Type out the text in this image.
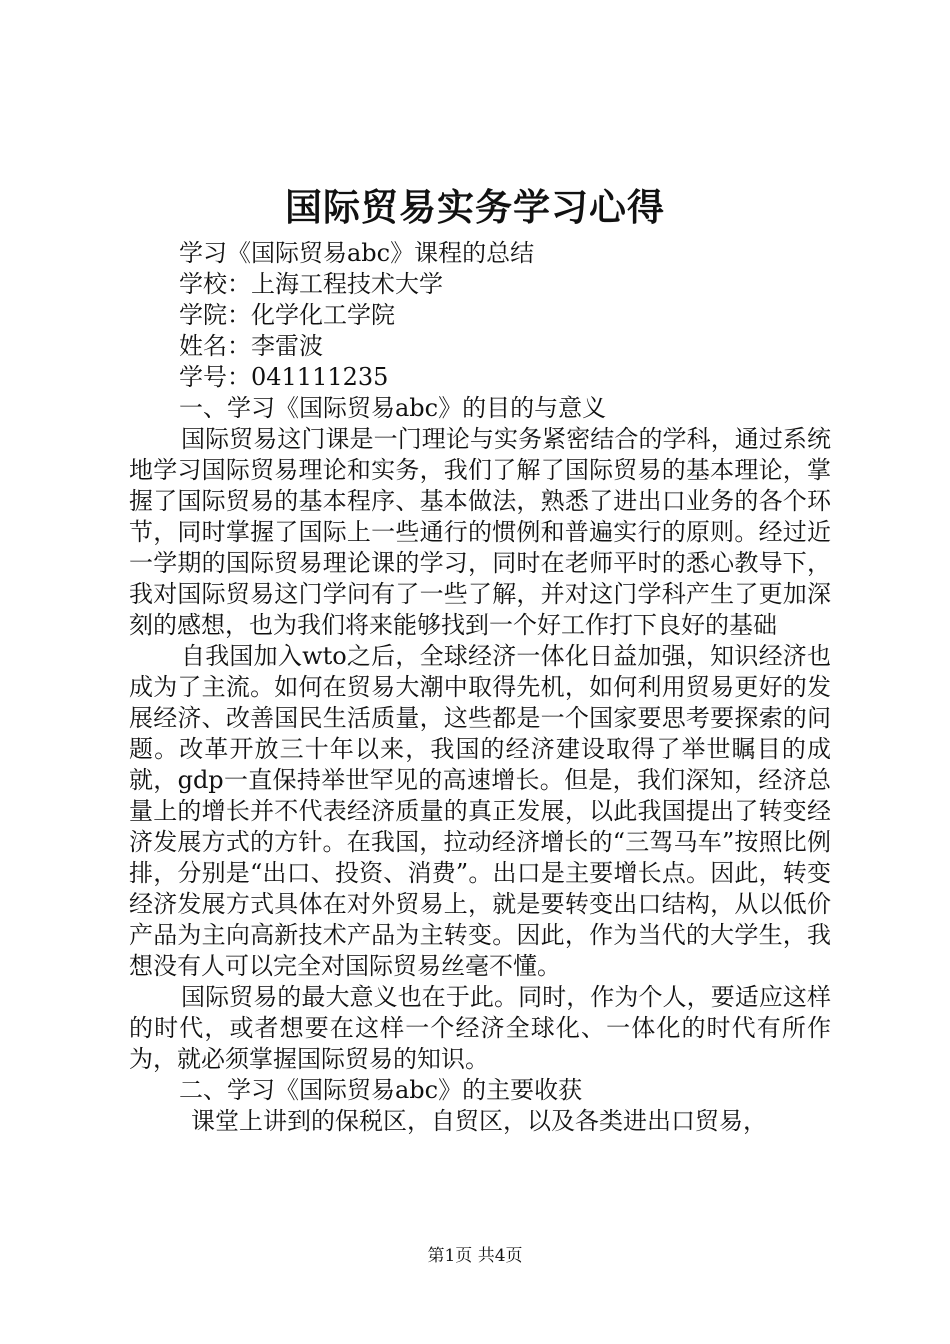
国际贸易实务学习心得

学习《国际贸易abc》课程的总结

学校：上海工程技术大学

学院：化学化工学院

姓名：李雷波

学号：041111235

一、学习《国际贸易abc》的目的与意义

国际贸易这门课是一门理论与实务紧密结合的学科，通过系统地学习国际贸易理论和实务，我们了解了国际贸易的基本理论，掌握了国际贸易的基本程序、基本做法，熟悉了进出口业务的各个环节，同时掌握了国际上一些通行的惯例和普遍实行的原则。经过近一学期的国际贸易理论课的学习，同时在老师平时的悉心教导下，我对国际贸易这门学问有了一些了解，并对这门学科产生了更加深刻的感想，也为我们将来能够找到一个好工作打下良好的基础

自我国加入wto之后，全球经济一体化日益加强，知识经济也成为了主流。如何在贸易大潮中取得先机，如何利用贸易更好的发展经济、改善国民生活质量，这些都是一个国家要思考要探索的问题。改革开放三十年以来，我国的经济建设取得了举世瞩目的成就，gdp一直保持举世罕见的高速增长。但是，我们深知，经济总量上的增长并不代表经济质量的真正发展，以此我国提出了转变经济发展方式的方针。在我国，拉动经济增长的“三驾马车”按照比例排，分别是“出口、投资、消费”。出口是主要增长点。因此，转变经济发展方式具体在对外贸易上，就是要转变出口结构，从以低价产品为主向高新技术产品为主转变。因此，作为当代的大学生，我想没有人可以完全对国际贸易丝毫不懂。

国际贸易的最大意义也在于此。同时，作为个人，要适应这样的时代，或者想要在这样一个经济全球化、一体化的时代有所作为，就必须掌握国际贸易的知识。

二、学习《国际贸易abc》的主要收获

课堂上讲到的保税区，自贸区，以及各类进出口贸易，

第1页 共4页
